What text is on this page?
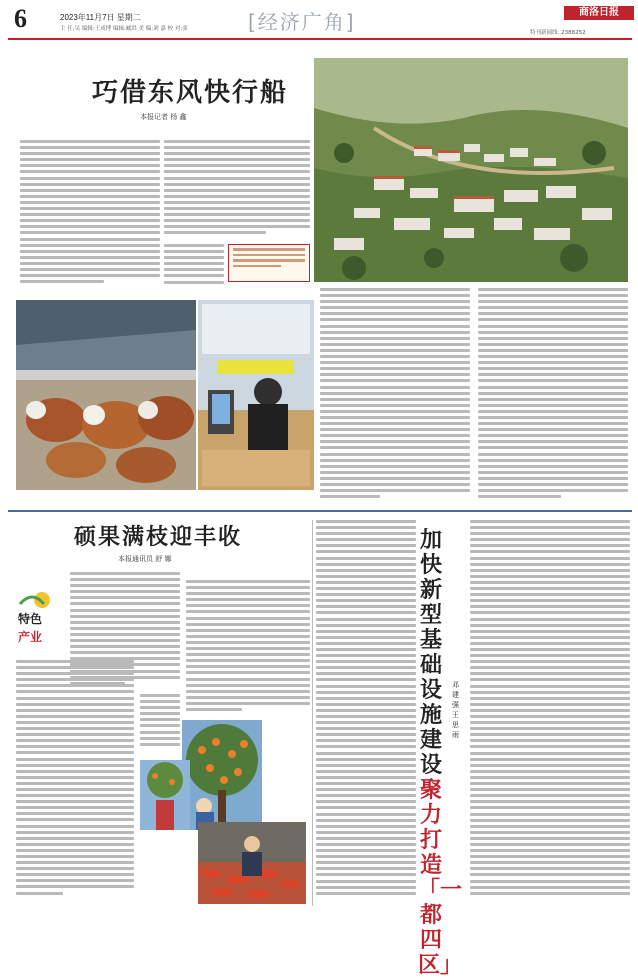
6	2023年11月7日 星期二
主 任:吴 编辑:王成博 编辑:臧洪 美 编:刘 嘉 校 对:张	[经济广角]	商洛日报
特刊新闻线: 2388252
巧借东风快行船
本报记者 杨 鑫
硕果满枝迎丰收
本报通讯员 舒 娜
特色
产业
加快新型基础设施建设
聚力打造「一都四区」
邓建强 王思雨
